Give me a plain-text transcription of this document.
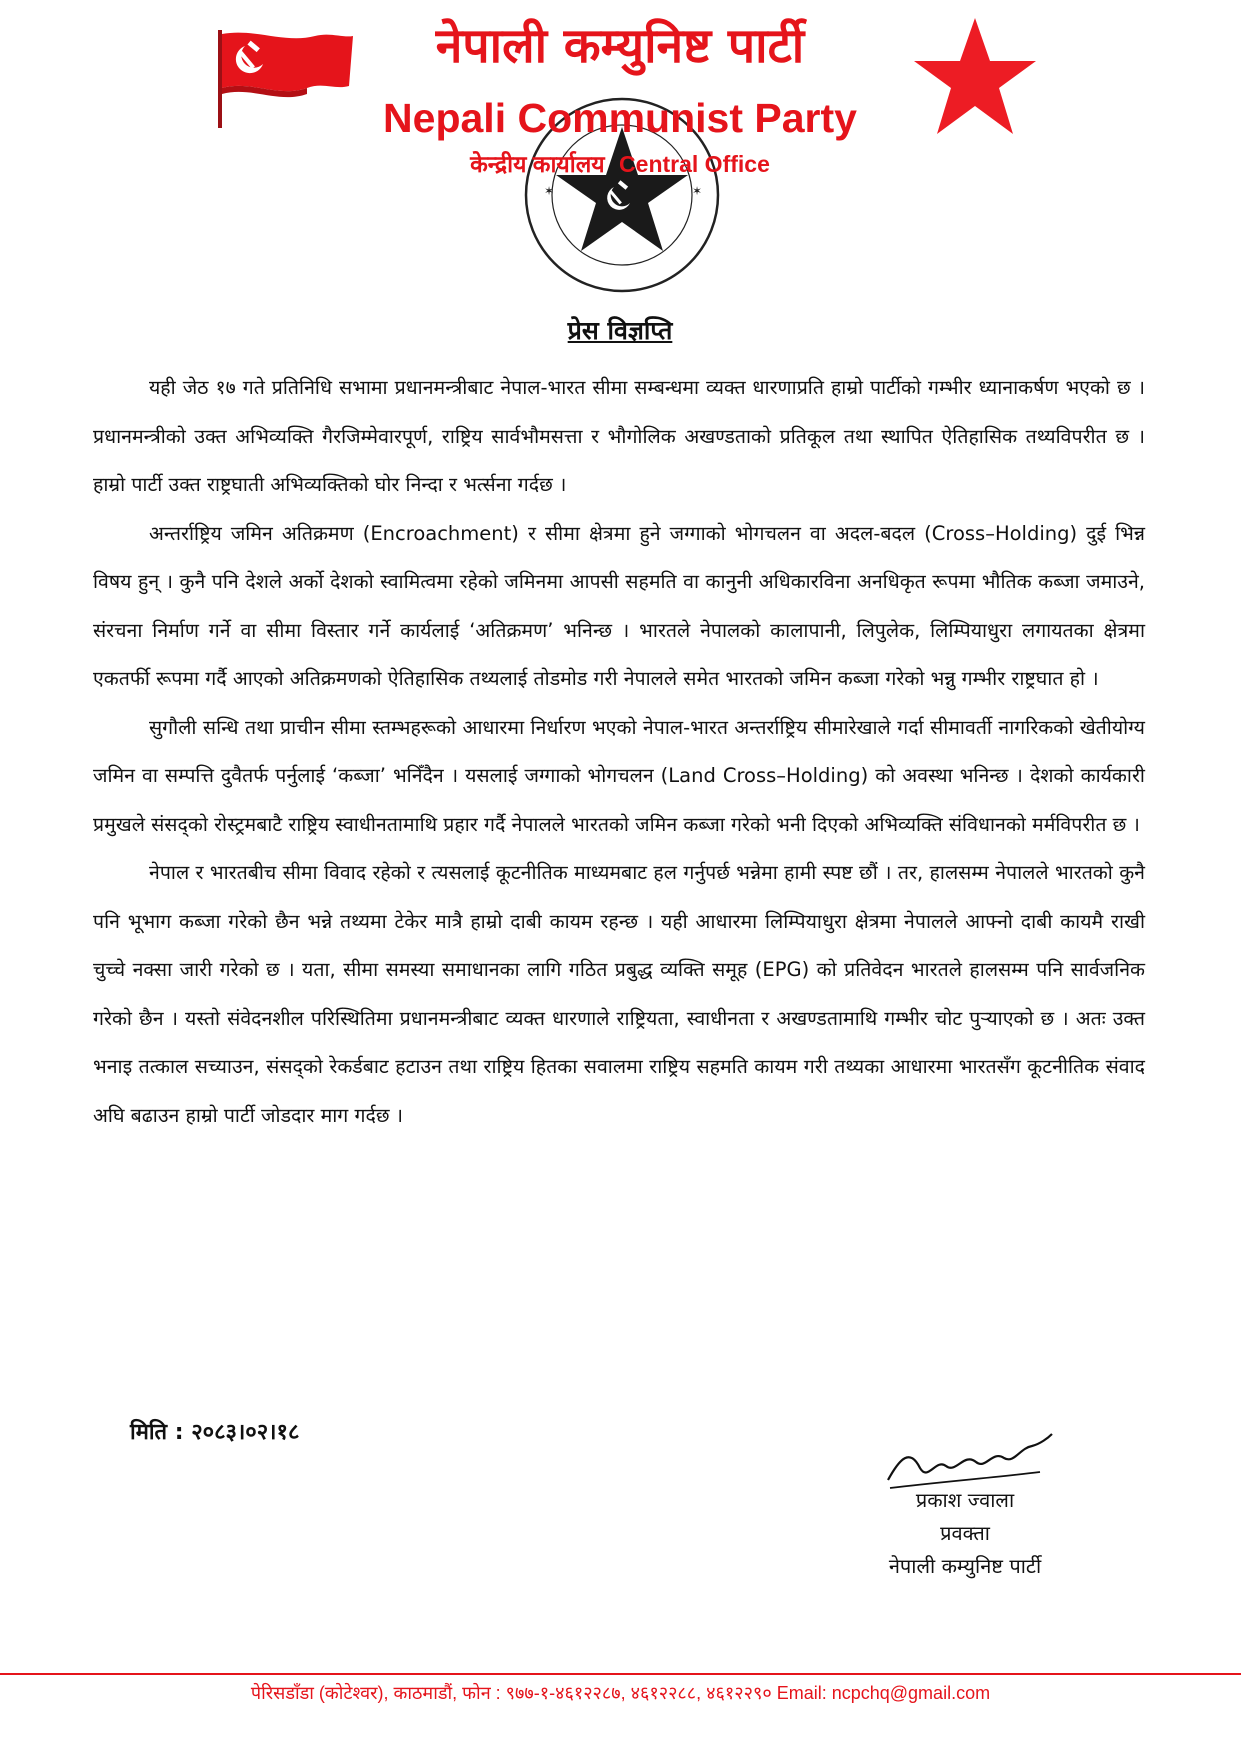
नेपाली कम्युनिष्ट पार्टी
✶	✶
Nepali Communist Party
केन्द्रीय कार्यालय Central Office
प्रेस विज्ञप्ति

यही जेठ १७ गते प्रतिनिधि सभामा प्रधानमन्त्रीबाट नेपाल-भारत सीमा सम्बन्धमा व्यक्त धारणाप्रति हाम्रो पार्टीको गम्भीर ध्यानाकर्षण भएको छ । प्रधानमन्त्रीको उक्त अभिव्यक्ति गैरजिम्मेवारपूर्ण, राष्ट्रिय सार्वभौमसत्ता र भौगोलिक अखण्डताको प्रतिकूल तथा स्थापित ऐतिहासिक तथ्यविपरीत छ । हाम्रो पार्टी उक्त राष्ट्रघाती अभिव्यक्तिको घोर निन्दा र भर्त्सना गर्दछ ।

अन्तर्राष्ट्रिय जमिन अतिक्रमण (Encroachment) र सीमा क्षेत्रमा हुने जग्गाको भोगचलन वा अदल-बदल (Cross–Holding) दुई भिन्न विषय हुन् । कुनै पनि देशले अर्को देशको स्वामित्वमा रहेको जमिनमा आपसी सहमति वा कानुनी अधिकारविना अनधिकृत रूपमा भौतिक कब्जा जमाउने, संरचना निर्माण गर्ने वा सीमा विस्तार गर्ने कार्यलाई ‘अतिक्रमण’ भनिन्छ । भारतले नेपालको कालापानी, लिपुलेक, लिम्पियाधुरा लगायतका क्षेत्रमा एकतर्फी रूपमा गर्दै आएको अतिक्रमणको ऐतिहासिक तथ्यलाई तोडमोड गरी नेपालले समेत भारतको जमिन कब्जा गरेको भन्नु गम्भीर राष्ट्रघात हो ।

सुगौली सन्धि तथा प्राचीन सीमा स्तम्भहरूको आधारमा निर्धारण भएको नेपाल-भारत अन्तर्राष्ट्रिय सीमारेखाले गर्दा सीमावर्ती नागरिकको खेतीयोग्य जमिन वा सम्पत्ति दुवैतर्फ पर्नुलाई ‘कब्जा’ भनिँदैन । यसलाई जग्गाको भोगचलन (Land Cross–Holding) को अवस्था भनिन्छ । देशको कार्यकारी प्रमुखले संसद्को रोस्ट्रमबाटै राष्ट्रिय स्वाधीनतामाथि प्रहार गर्दै नेपालले भारतको जमिन कब्जा गरेको भनी दिएको अभिव्यक्ति संविधानको मर्मविपरीत छ ।

नेपाल र भारतबीच सीमा विवाद रहेको र त्यसलाई कूटनीतिक माध्यमबाट हल गर्नुपर्छ भन्नेमा हामी स्पष्ट छौं । तर, हालसम्म नेपालले भारतको कुनै पनि भूभाग कब्जा गरेको छैन भन्ने तथ्यमा टेकेर मात्रै हाम्रो दाबी कायम रहन्छ । यही आधारमा लिम्पियाधुरा क्षेत्रमा नेपालले आफ्नो दाबी कायमै राखी चुच्चे नक्सा जारी गरेको छ । यता, सीमा समस्या समाधानका लागि गठित प्रबुद्ध व्यक्ति समूह (EPG) को प्रतिवेदन भारतले हालसम्म पनि सार्वजनिक गरेको छैन । यस्तो संवेदनशील परिस्थितिमा प्रधानमन्त्रीबाट व्यक्त धारणाले राष्ट्रियता, स्वाधीनता र अखण्डतामाथि गम्भीर चोट पुर्‍याएको छ । अतः उक्त भनाइ तत्काल सच्याउन, संसद्को रेकर्डबाट हटाउन तथा राष्ट्रिय हितका सवालमा राष्ट्रिय सहमति कायम गरी तथ्यका आधारमा भारतसँग कूटनीतिक संवाद अघि बढाउन हाम्रो पार्टी जोडदार माग गर्दछ ।

मिति : २०८३।०२।१८
प्रकाश ज्वाला
प्रवक्ता
नेपाली कम्युनिष्ट पार्टी
पेरिसडाँडा (कोटेश्वर), काठमाडौं, फोन : ९७७-१-४६१२२८७, ४६१२२८८, ४६१२२९० Email: ncpchq@gmail.com
